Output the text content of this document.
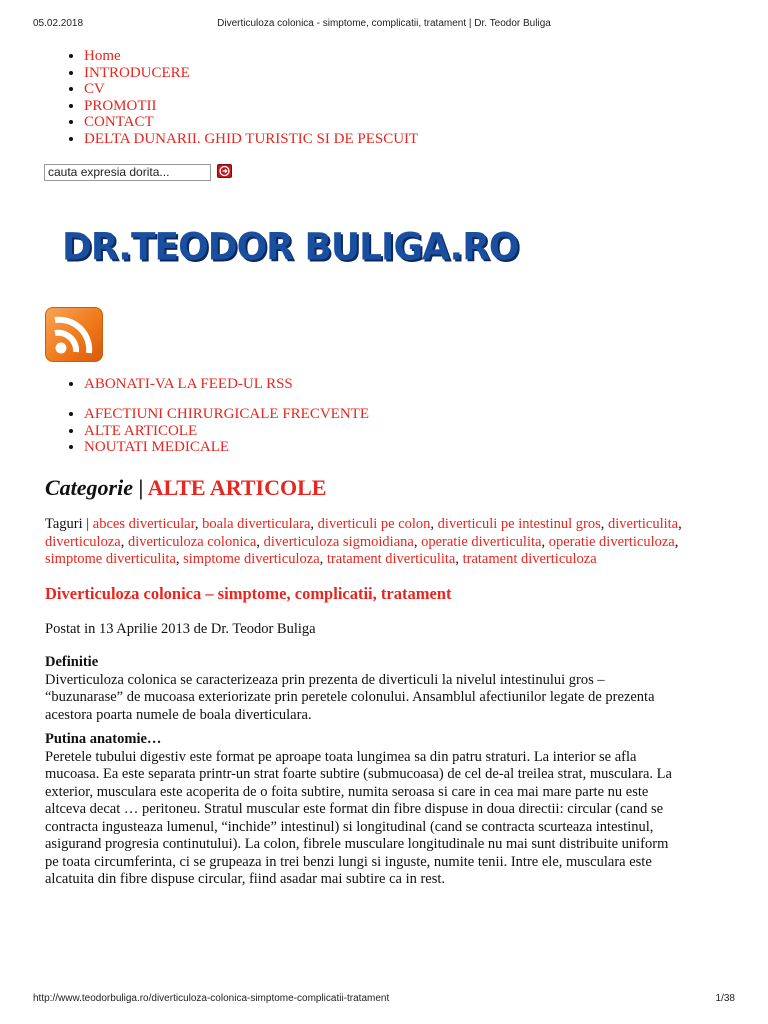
05.02.2018	Diverticuloza colonica - simptome, complicatii, tratament | Dr. Teodor Buliga
• Home
• INTRODUCERE
• CV
• PROMOTII
• CONTACT
• DELTA DUNARII. GHID TURISTIC SI DE PESCUIT
cauta expresia dorita...
DR.TEODOR BULIGA.RO
• ABONATI-VA LA FEED-UL RSS
• AFECTIUNI CHIRURGICALE FRECVENTE
• ALTE ARTICOLE
• NOUTATI MEDICALE
Categorie | ALTE ARTICOLE
Taguri | abces diverticular, boala diverticulara, diverticuli pe colon, diverticuli pe intestinul gros, diverticulita, diverticuloza, diverticuloza colonica, diverticuloza sigmoidiana, operatie diverticulita, operatie diverticuloza, simptome diverticulita, simptome diverticuloza, tratament diverticulita, tratament diverticuloza
Diverticuloza colonica – simptome, complicatii, tratament
Postat in 13 Aprilie 2013 de Dr. Teodor Buliga
Definitie

Diverticuloza colonica se caracterizeaza prin prezenta de diverticuli la nivelul intestinului gros –
“buzunarase” de mucoasa exteriorizate prin peretele colonului. Ansamblul afectiunilor legate de prezenta
acestora poarta numele de boala diverticulara.

Putina anatomie…

Peretele tubului digestiv este format pe aproape toata lungimea sa din patru straturi. La interior se afla
mucoasa. Ea este separata printr-un strat foarte subtire (submucoasa) de cel de-al treilea strat, musculara. La
exterior, musculara este acoperita de o foita subtire, numita seroasa si care in cea mai mare parte nu este
altceva decat … peritoneu. Stratul muscular este format din fibre dispuse in doua directii: circular (cand se
contracta ingusteaza lumenul, “inchide” intestinul) si longitudinal (cand se contracta scurteaza intestinul,
asigurand progresia continutului). La colon, fibrele musculare longitudinale nu mai sunt distribuite uniform
pe toata circumferinta, ci se grupeaza in trei benzi lungi si inguste, numite tenii. Intre ele, musculara este
alcatuita din fibre dispuse circular, fiind asadar mai subtire ca in rest.

http://www.teodorbuliga.ro/diverticuloza-colonica-simptome-complicatii-tratament	1/38
